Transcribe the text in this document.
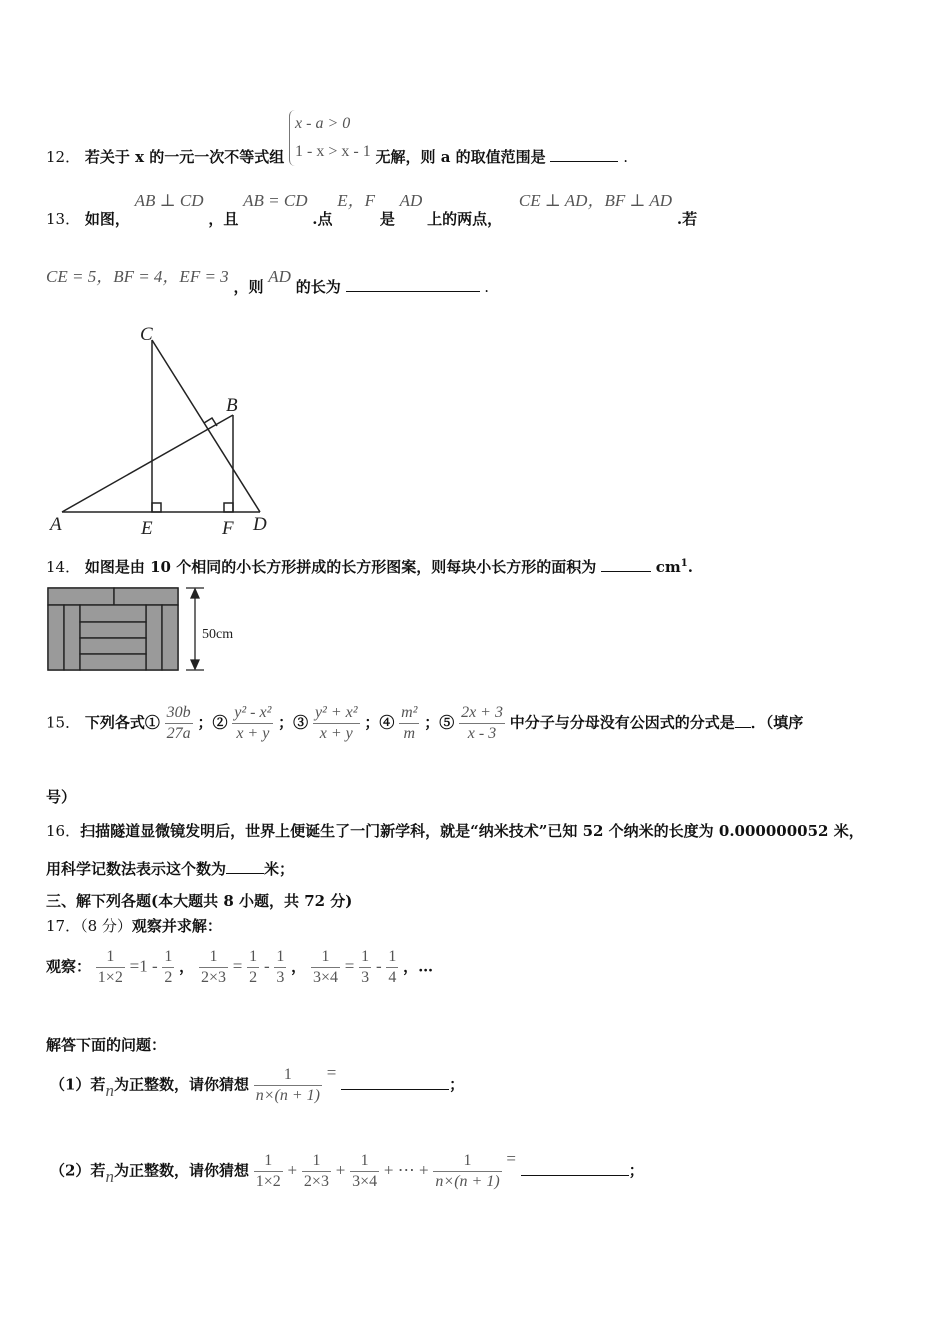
12． 若关于 x 的一元一次不等式组 x - a > 0
1 - x > x - 1 无解，则 a 的取值范围是	.
13． 如图， AB ⊥ CD ，且 AB = CD .点 E，F 是 AD 上的两点， CE ⊥ AD，BF ⊥ AD .若
CE = 5，BF = 4，EF = 3 ，则 AD 的长为	.
C
B
A	E	F D
14． 如图是由 10 个相同的小长方形拼成的长方形图案，则每块小长方形的面积为	$cm^1$.
50cm
15． 下列各式① $\frac{30b}{27a}$ ；② $\frac{\text{y² - x²}}{x + y}$ ；③ $\frac{\text{y² + x²}}{x + y}$ ；④ $\frac{\text{m²}}{m}$ ；⑤ $\frac{2x + 3}{x - 3}$ 中分子与分母没有公因式的分式是 ．（填序
号）
16．扫描隧道显微镜发明后，世界上便诞生了一门新学科，就是“纳米技术”已知 52 个纳米的长度为 0.000000052 米，
用科学记数法表示这个数为	米；
三、解下列各题(本大题共 8 小题，共 72 分)
17．（8 分）观察并求解：
观察： $\frac{1}{1\times 2} =1 - \frac{1}{2}$ ， $\frac{1}{2\times 3} = \frac{1}{2} - \frac{1}{3}$ ， $\frac{1}{3\times 4} = \frac{1}{3} - \frac{1}{4}$ ，…
解答下面的问题：
（1）若n为正整数，请你猜想 $\frac{1}{n\times(n + 1)}$ = ；
（2）若n为正整数，请你猜想 $\frac{1}{1\times 2} + \frac{1}{2\times 3} + \frac{1}{3\times 4}$ + ⋯ + $\frac{1}{n\times(n + 1)}$ = ；
